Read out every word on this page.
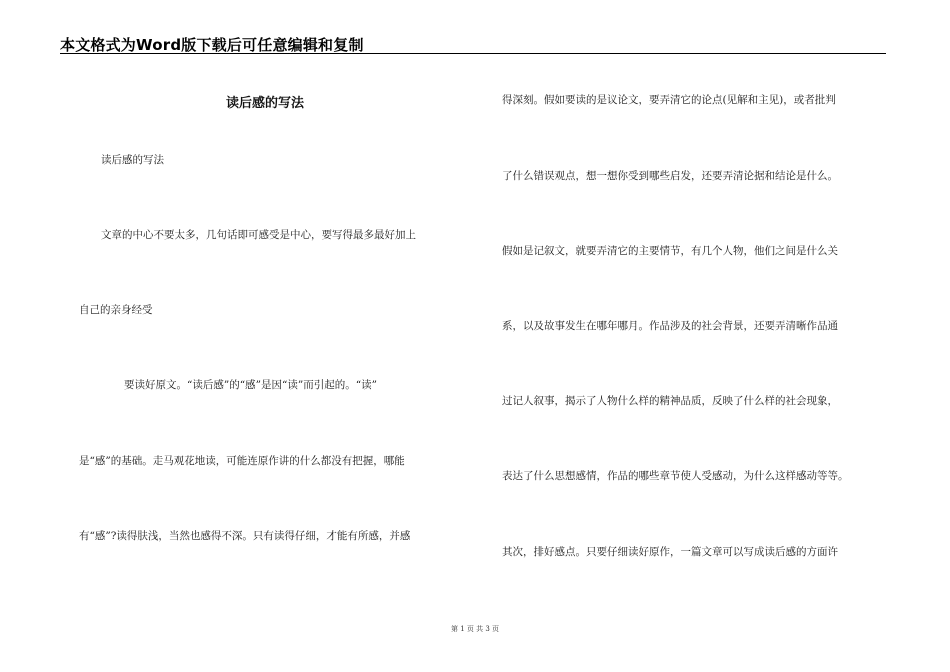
本文格式为Word版下载后可任意编辑和复制
读后感的写法
读后感的写法
文章的中心不要太多，几句话即可感受是中心，要写得最多最好加上
自己的亲身经受
要读好原文。“读后感”的“感”是因“读”而引起的。“读”
是“感”的基础。走马观花地读，可能连原作讲的什么都没有把握，哪能
有“感”?读得肤浅，当然也感得不深。只有读得仔细，才能有所感，并感
得深刻。假如要读的是议论文，要弄清它的论点(见解和主见)，或者批判
了什么错误观点，想一想你受到哪些启发，还要弄清论据和结论是什么。
假如是记叙文，就要弄清它的主要情节，有几个人物，他们之间是什么关
系，以及故事发生在哪年哪月。作品涉及的社会背景，还要弄清晰作品通
过记人叙事，揭示了人物什么样的精神品质，反映了什么样的社会现象，
表达了什么思想感情，作品的哪些章节使人受感动，为什么这样感动等等。
其次，排好感点。只要仔细读好原作，一篇文章可以写成读后感的方面许
第 1 页 共 3 页
